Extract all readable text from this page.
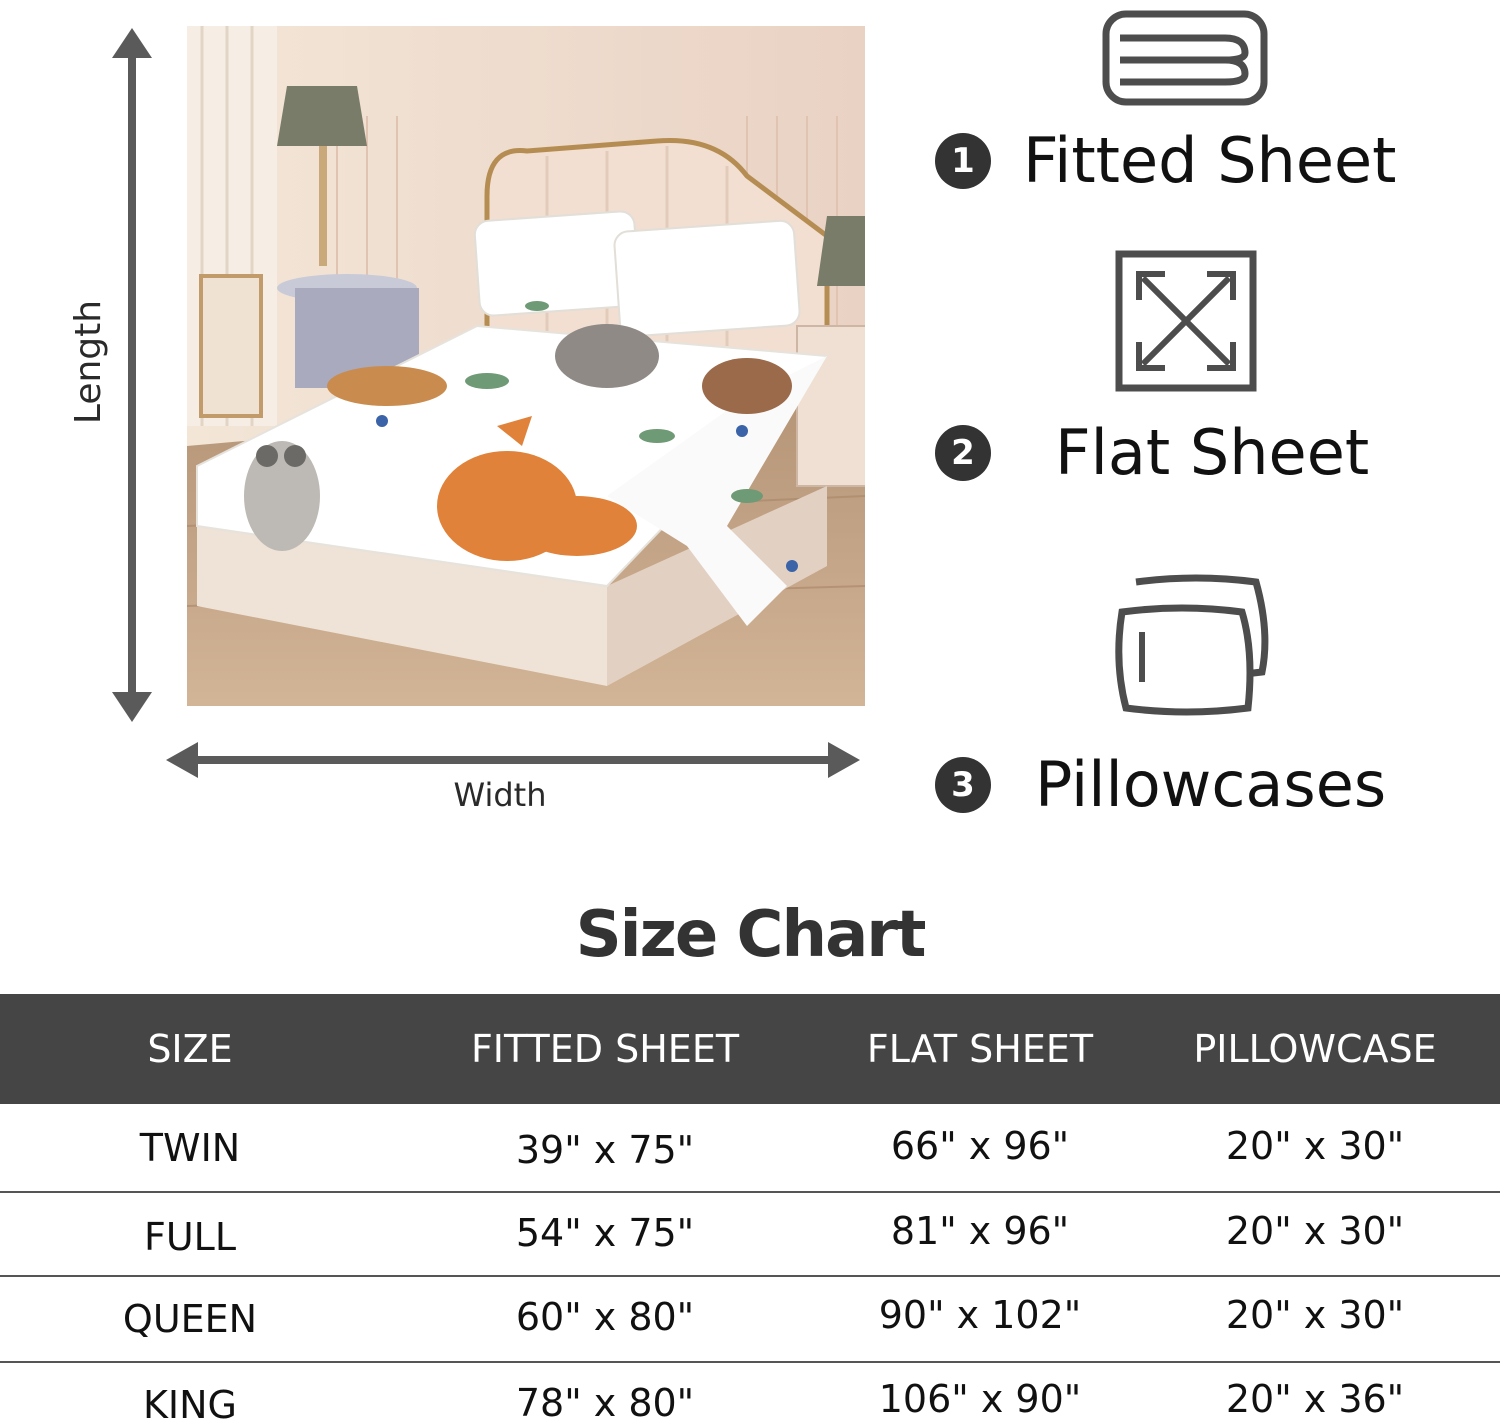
Length
Width
1 Fitted Sheet
2 Flat Sheet
3 Pillowcases
Size Chart
SIZE	FITTED SHEET	FLAT SHEET	PILLOWCASE
TWIN	39" x 75"	66" x 96"	20" x 30"
FULL	54" x 75"	81" x 96"	20" x 30"
QUEEN	60" x 80"	90" x 102"	20" x 30"
KING	78" x 80"	106" x 90"	20" x 36"
